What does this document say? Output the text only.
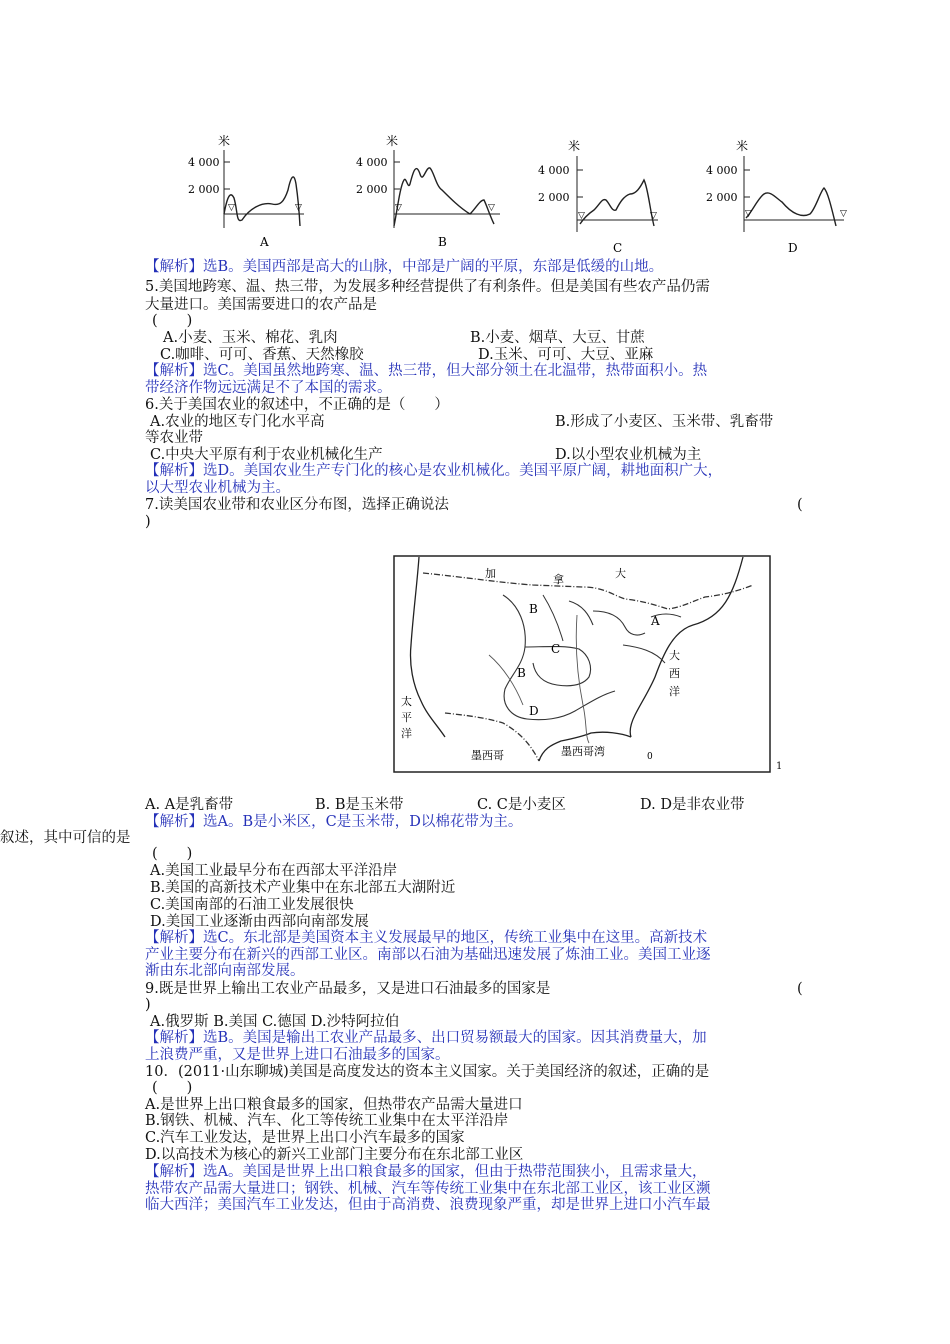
米
4 000
2 000
▽	▽
A
米
4 000
2 000
▽	▽
B
米
4 000
2 000
▽	▽
C
米
4 000
2 000
▽	▽
D
【解析】选B。美国西部是高大的山脉，中部是广阔的平原，东部是低缓的山地。
5.美国地跨寒、温、热三带，为发展多种经营提供了有利条件。但是美国有些农产品仍需
大量进口。美国需要进口的农产品是
(　　)
A.小麦、玉米、棉花、乳肉	B.小麦、烟草、大豆、甘蔗
C.咖啡、可可、香蕉、天然橡胶	D.玉米、可可、大豆、亚麻
【解析】选C。美国虽然地跨寒、温、热三带，但大部分领土在北温带，热带面积小。热
带经济作物远远满足不了本国的需求。
6.关于美国农业的叙述中，不正确的是（　　）
A.农业的地区专门化水平高	B.形成了小麦区、玉米带、乳畜带
等农业带
C.中央大平原有利于农业机械化生产	D.以小型农业机械为主
【解析】选D。美国农业生产专门化的核心是农业机械化。美国平原广阔，耕地面积广大，
以大型农业机械为主。
7.读美国农业带和农业区分布图，选择正确说法	(
)
加	拿	大
大
西
洋
太
平
洋
墨西哥	墨西哥湾
A
B
C
B
D
0
1
A. A是乳畜带	B. B是玉米带	C. C是小麦区	D. D是非农业带
【解析】选A。B是小米区，C是玉米带，D以棉花带为主。
叙述，其中可信的是
(　　)
A.美国工业最早分布在西部太平洋沿岸
B.美国的高新技术产业集中在东北部五大湖附近
C.美国南部的石油工业发展很快
D.美国工业逐渐由西部向南部发展
【解析】选C。东北部是美国资本主义发展最早的地区，传统工业集中在这里。高新技术
产业主要分布在新兴的西部工业区。南部以石油为基础迅速发展了炼油工业。美国工业逐
渐由东北部向南部发展。
9.既是世界上输出工农业产品最多，又是进口石油最多的国家是	(
)
A.俄罗斯 B.美国 C.德国 D.沙特阿拉伯
【解析】选B。美国是输出工农业产品最多、出口贸易额最大的国家。因其消费量大，加
上浪费严重，又是世界上进口石油最多的国家。
10．(2011·山东聊城)美国是高度发达的资本主义国家。关于美国经济的叙述，正确的是
(　　)
A.是世界上出口粮食最多的国家，但热带农产品需大量进口
B.钢铁、机械、汽车、化工等传统工业集中在太平洋沿岸
C.汽车工业发达，是世界上出口小汽车最多的国家
D.以高技术为核心的新兴工业部门主要分布在东北部工业区
【解析】选A。美国是世界上出口粮食最多的国家，但由于热带范围狭小，且需求量大，
热带农产品需大量进口；钢铁、机械、汽车等传统工业集中在东北部工业区，该工业区濒
临大西洋；美国汽车工业发达，但由于高消费、浪费现象严重，却是世界上进口小汽车最
